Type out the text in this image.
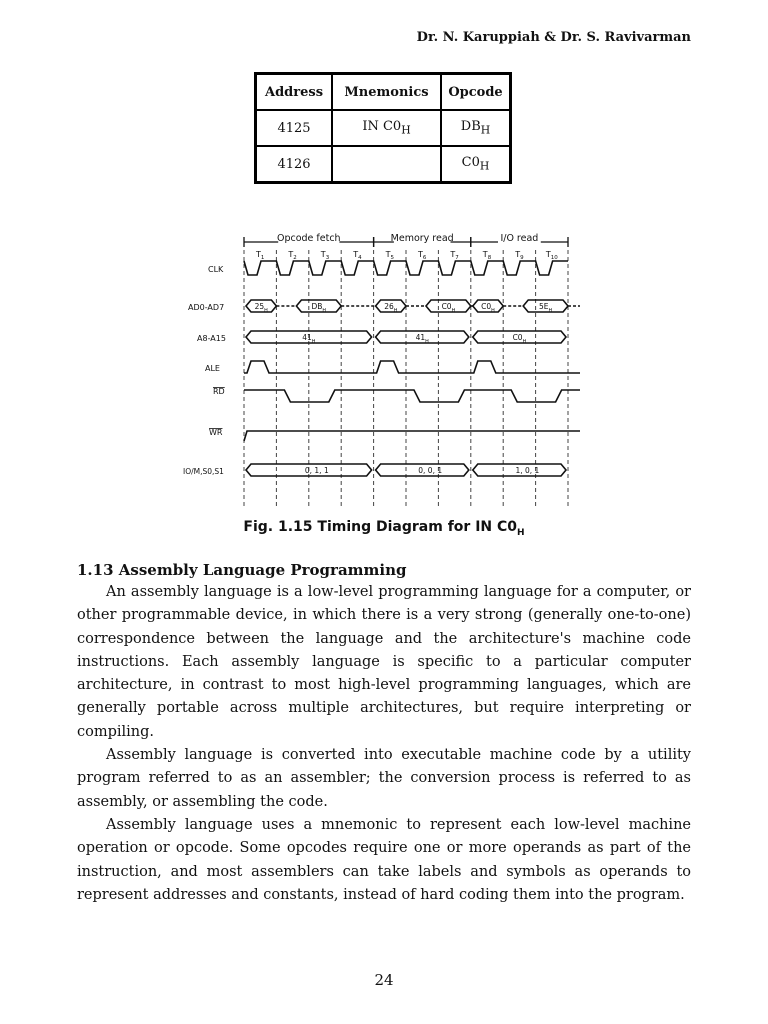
Dr. N. Karuppiah & Dr. S. Ravivarman
Address	Mnemonics	Opcode
4125	IN $C0_H$	$DB_H$
4126		$C0_H$
Opcode fetch	Memory read	I/O read
$T_1$	$T_2$	$T_3$	$T_4$	$T_5$	$T_6$	$T_7$	$T_8$	$T_9$	$T_{10}$
CLK
AD0-AD7
A8-A15
ALE
RD
WR
IO/M,S0,S1
$25_H$	$DB_H$	$26_H$	$C0_H$	$C0_H$	$5E_H$
$41_H$	$41_H$	$C0_H$
0, 1, 1	0, 0, 1	1, 0, 1
Fig. 1.15 Timing Diagram for IN $C0_H$
1.13 Assembly Language Programming

An assembly language is a low-level programming language for a computer, or other programmable device, in which there is a very strong (generally one-to-one) correspondence between the language and the architecture's machine code instructions. Each assembly language is specific to a particular computer architecture, in contrast to most high-level programming languages, which are generally portable across multiple architectures, but require interpreting or compiling.

Assembly language is converted into executable machine code by a utility program referred to as an assembler; the conversion process is referred to as assembly, or assembling the code.

Assembly language uses a mnemonic to represent each low-level machine operation or opcode. Some opcodes require one or more operands as part of the instruction, and most assemblers can take labels and symbols as operands to represent addresses and constants, instead of hard coding them into the program.

24
